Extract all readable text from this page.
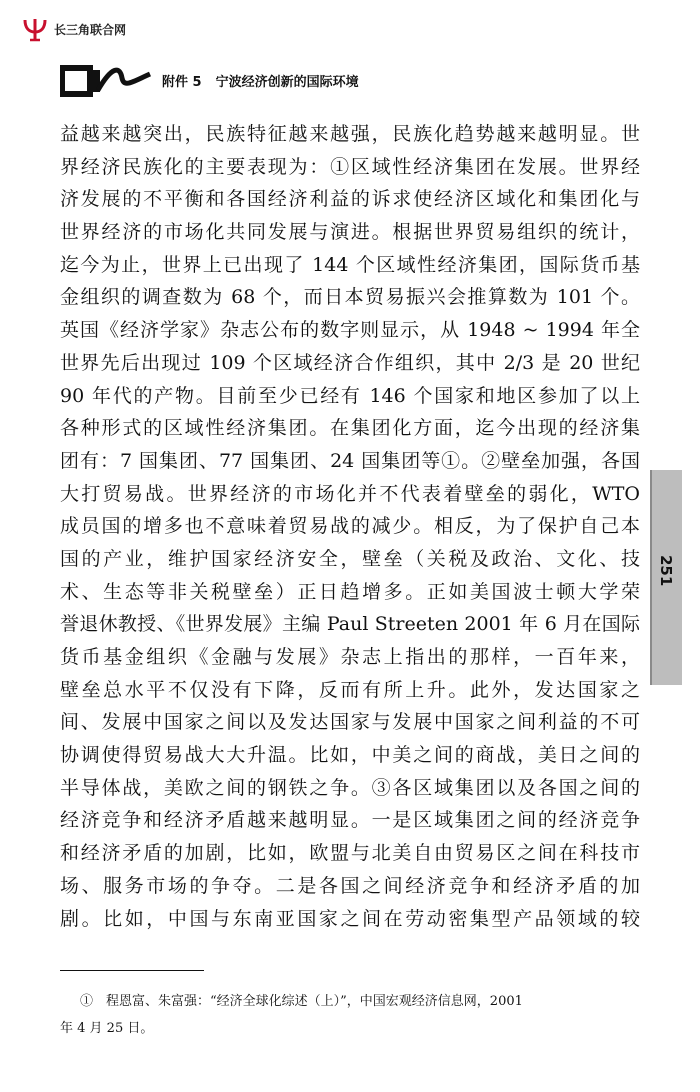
长三角联合网
附件 5 宁波经济创新的国际环境
益越来越突出，民族特征越来越强，民族化趋势越来越明显。世
界经济民族化的主要表现为：①区域性经济集团在发展。世界经
济发展的不平衡和各国经济利益的诉求使经济区域化和集团化与
世界经济的市场化共同发展与演进。根据世界贸易组织的统计，
迄今为止，世界上已出现了 144 个区域性经济集团，国际货币基
金组织的调查数为 68 个，而日本贸易振兴会推算数为 101 个。
英国《经济学家》杂志公布的数字则显示，从 1948 ~ 1994 年全
世界先后出现过 109 个区域经济合作组织，其中 2/3 是 20 世纪
90 年代的产物。目前至少已经有 146 个国家和地区参加了以上
各种形式的区域性经济集团。在集团化方面，迄今出现的经济集
团有：7 国集团、77 国集团、24 国集团等①。②壁垒加强，各国
大打贸易战。世界经济的市场化并不代表着壁垒的弱化，WTO
成员国的增多也不意味着贸易战的减少。相反，为了保护自己本
国的产业，维护国家经济安全，壁垒（关税及政治、文化、技
术、生态等非关税壁垒）正日趋增多。正如美国波士顿大学荣
誉退休教授、《世界发展》主编 Paul Streeten 2001 年 6 月在国际
货币基金组织《金融与发展》杂志上指出的那样，一百年来，
壁垒总水平不仅没有下降，反而有所上升。此外，发达国家之
间、发展中国家之间以及发达国家与发展中国家之间利益的不可
协调使得贸易战大大升温。比如，中美之间的商战，美日之间的
半导体战，美欧之间的钢铁之争。③各区域集团以及各国之间的
经济竞争和经济矛盾越来越明显。一是区域集团之间的经济竞争
和经济矛盾的加剧，比如，欧盟与北美自由贸易区之间在科技市
场、服务市场的争夺。二是各国之间经济竞争和经济矛盾的加
剧。比如，中国与东南亚国家之间在劳动密集型产品领域的较
①　程恩富、朱富强：“经济全球化综述（上）”，中国宏观经济信息网，2001
年 4 月 25 日。
251
